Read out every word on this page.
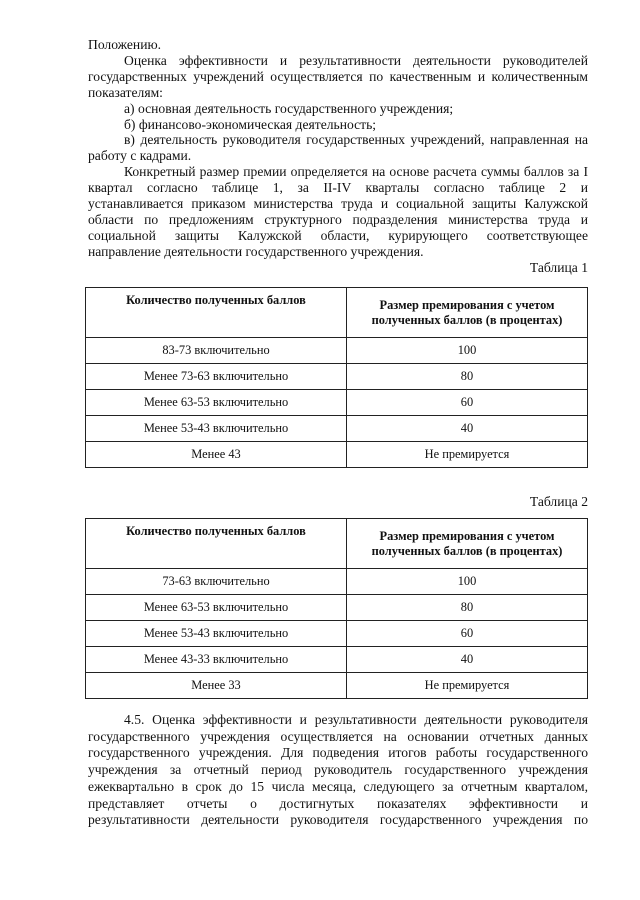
Положению.
Оценка эффективности и результативности деятельности руководителей
государственных учреждений осуществляется по качественным и количественным
показателям:
а) основная деятельность государственного учреждения;
б) финансово-экономическая деятельность;
в) деятельность руководителя государственных учреждений, направленная на
работу с кадрами.
Конкретный размер премии определяется на основе расчета суммы баллов за I
квартал согласно таблице 1, за II-IV кварталы согласно таблице 2 и
устанавливается приказом министерства труда и социальной защиты Калужской
области по предложениям структурного подразделения министерства труда и
социальной защиты Калужской области, курирующего соответствующее
направление деятельности государственного учреждения.
Таблица 1
Количество полученных баллов	Размер премирования с учетом полученных баллов (в процентах)
83-73 включительно	100
Менее 73-63 включительно	80
Менее 63-53 включительно	60
Менее 53-43 включительно	40
Менее 43	Не премируется
Таблица 2
Количество полученных баллов	Размер премирования с учетом полученных баллов (в процентах)
73-63 включительно	100
Менее 63-53 включительно	80
Менее 53-43 включительно	60
Менее 43-33 включительно	40
Менее 33	Не премируется
4.5. Оценка эффективности и результативности деятельности руководителя
государственного учреждения осуществляется на основании отчетных данных
государственного учреждения. Для подведения итогов работы государственного
учреждения за отчетный период руководитель государственного учреждения
ежеквартально в срок до 15 числа месяца, следующего за отчетным кварталом,
представляет отчеты о достигнутых показателях эффективности и
результативности деятельности руководителя государственного учреждения по
